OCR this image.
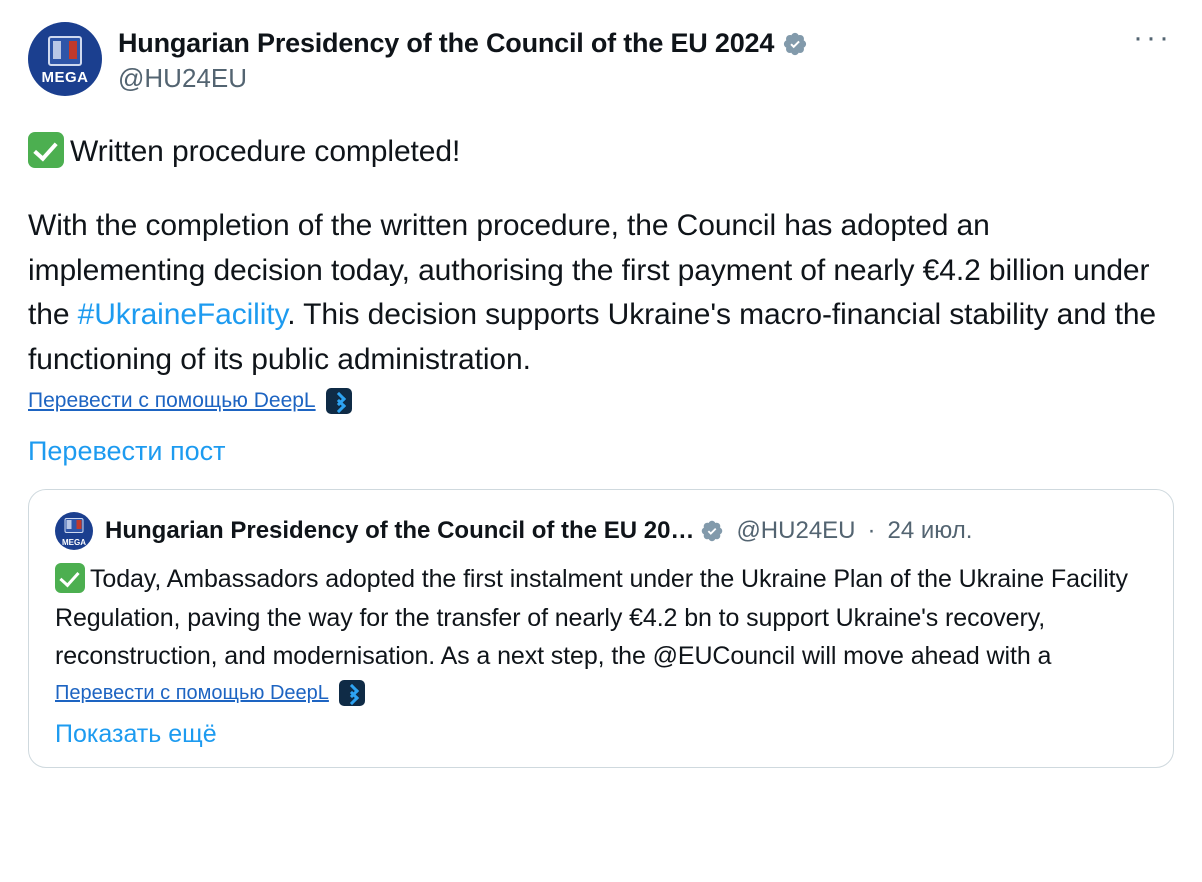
MEGA
Hungarian Presidency of the Council of the EU 2024
@HU24EU
···
Written procedure completed!
With the completion of the written procedure, the Council has adopted an implementing decision today, authorising the first payment of nearly €4.2 billion under the #UkraineFacility. This decision supports Ukraine's macro-financial stability and the functioning of its public administration.
Перевести с помощью DeepL
Перевести пост
MEGA Hungarian Presidency of the Council of the EU 20… @HU24EU · 24 июл.
Today, Ambassadors adopted the first instalment under the Ukraine Plan of the Ukraine Facility Regulation, paving the way for the transfer of nearly €4.2 bn to support Ukraine's recovery, reconstruction, and modernisation. As a next step, the @EUCouncil will move ahead with a
Перевести с помощью DeepL
Показать ещё
